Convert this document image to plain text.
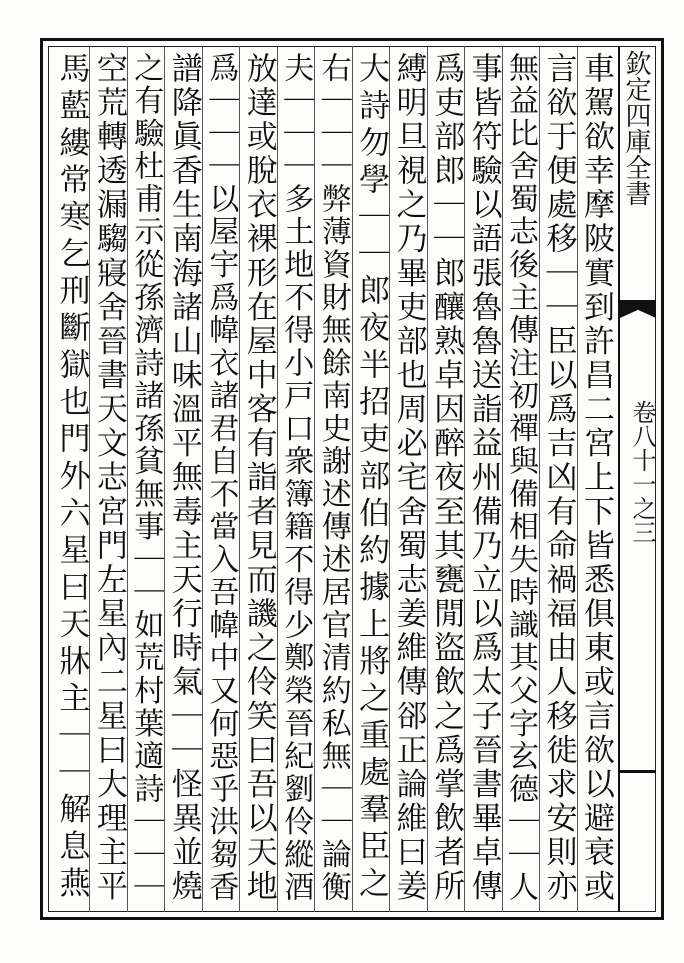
欽定四庫全書
卷八十一之三
車駕欲幸摩陂實到許昌二宮上下皆悉俱東或言欲以避衰或
言欲于便處移｜｜臣以爲吉凶有命禍福由人移徙求安則亦
無益比舍蜀志後主傳注初禪與備相失時識其父字玄德｜｜人
事皆符驗以語張魯魯送詣益州備乃立以爲太子晉書畢卓傳
爲吏部郎｜｜郎釀熟卓因醉夜至其甕閒盜飲之爲掌飲者所
縛明旦視之乃畢吏部也周必宅舍蜀志姜維傳郤正論維曰姜
大詩勿學｜｜郎夜半招吏部伯約據上將之重處羣臣之
右｜｜｜弊薄資財無餘南史謝述傳述居官清約私無｜｜論衡
夫｜｜｜多土地不得小戸口衆簿籍不得少鄭榮晉紀劉伶縱酒
放達或脫衣裸形在屋中客有詣者見而譏之伶笑曰吾以天地
爲｜｜｜以屋宇爲幃衣諸君自不當入吾幃中又何惡乎洪芻香
譜降眞香生南海諸山味溫平無毒主天行時氣｜｜怪異並燒
之有驗杜甫示從孫濟詩諸孫貧無事｜｜如荒村葉適詩｜｜｜
空荒轉透漏騶寢舍晉書天文志宮門左星內二星曰大理主平
馬藍縷常寒乞刑斷獄也門外六星曰天牀主｜｜解息燕
